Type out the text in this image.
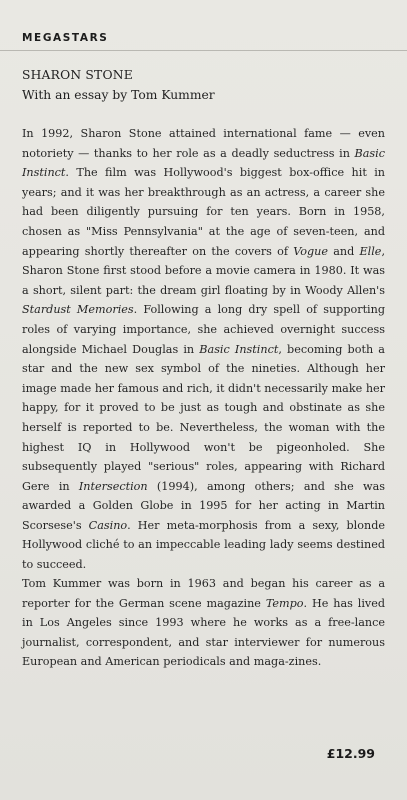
MEGASTARS
SHARON STONE
With an essay by Tom Kummer

In 1992, Sharon Stone attained international fame — even notoriety — thanks to her role as a deadly seductress in Basic Instinct. The film was Hollywood's biggest box-office hit in years; and it was her breakthrough as an actress, a career she had been diligently pursuing for ten years. Born in 1958, chosen as "Miss Pennsylvania" at the age of seven-teen, and appearing shortly thereafter on the covers of Vogue and Elle, Sharon Stone first stood before a movie camera in 1980. It was a short, silent part: the dream girl floating by in Woody Allen's Stardust Memories. Following a long dry spell of supporting roles of varying importance, she achieved overnight success alongside Michael Douglas in Basic Instinct, becoming both a star and the new sex symbol of the nineties. Although her image made her famous and rich, it didn't necessarily make her happy, for it proved to be just as tough and obstinate as she herself is reported to be. Nevertheless, the woman with the highest IQ in Hollywood won't be pigeonholed. She subsequently played "serious" roles, appearing with Richard Gere in Intersection (1994), among others; and she was awarded a Golden Globe in 1995 for her acting in Martin Scorsese's Casino. Her meta-morphosis from a sexy, blonde Hollywood cliché to an impeccable leading lady seems destined to succeed.

Tom Kummer was born in 1963 and began his career as a reporter for the German scene magazine Tempo. He has lived in Los Angeles since 1993 where he works as a free-lance journalist, correspondent, and star interviewer for numerous European and American periodicals and maga-zines.

£12.99
